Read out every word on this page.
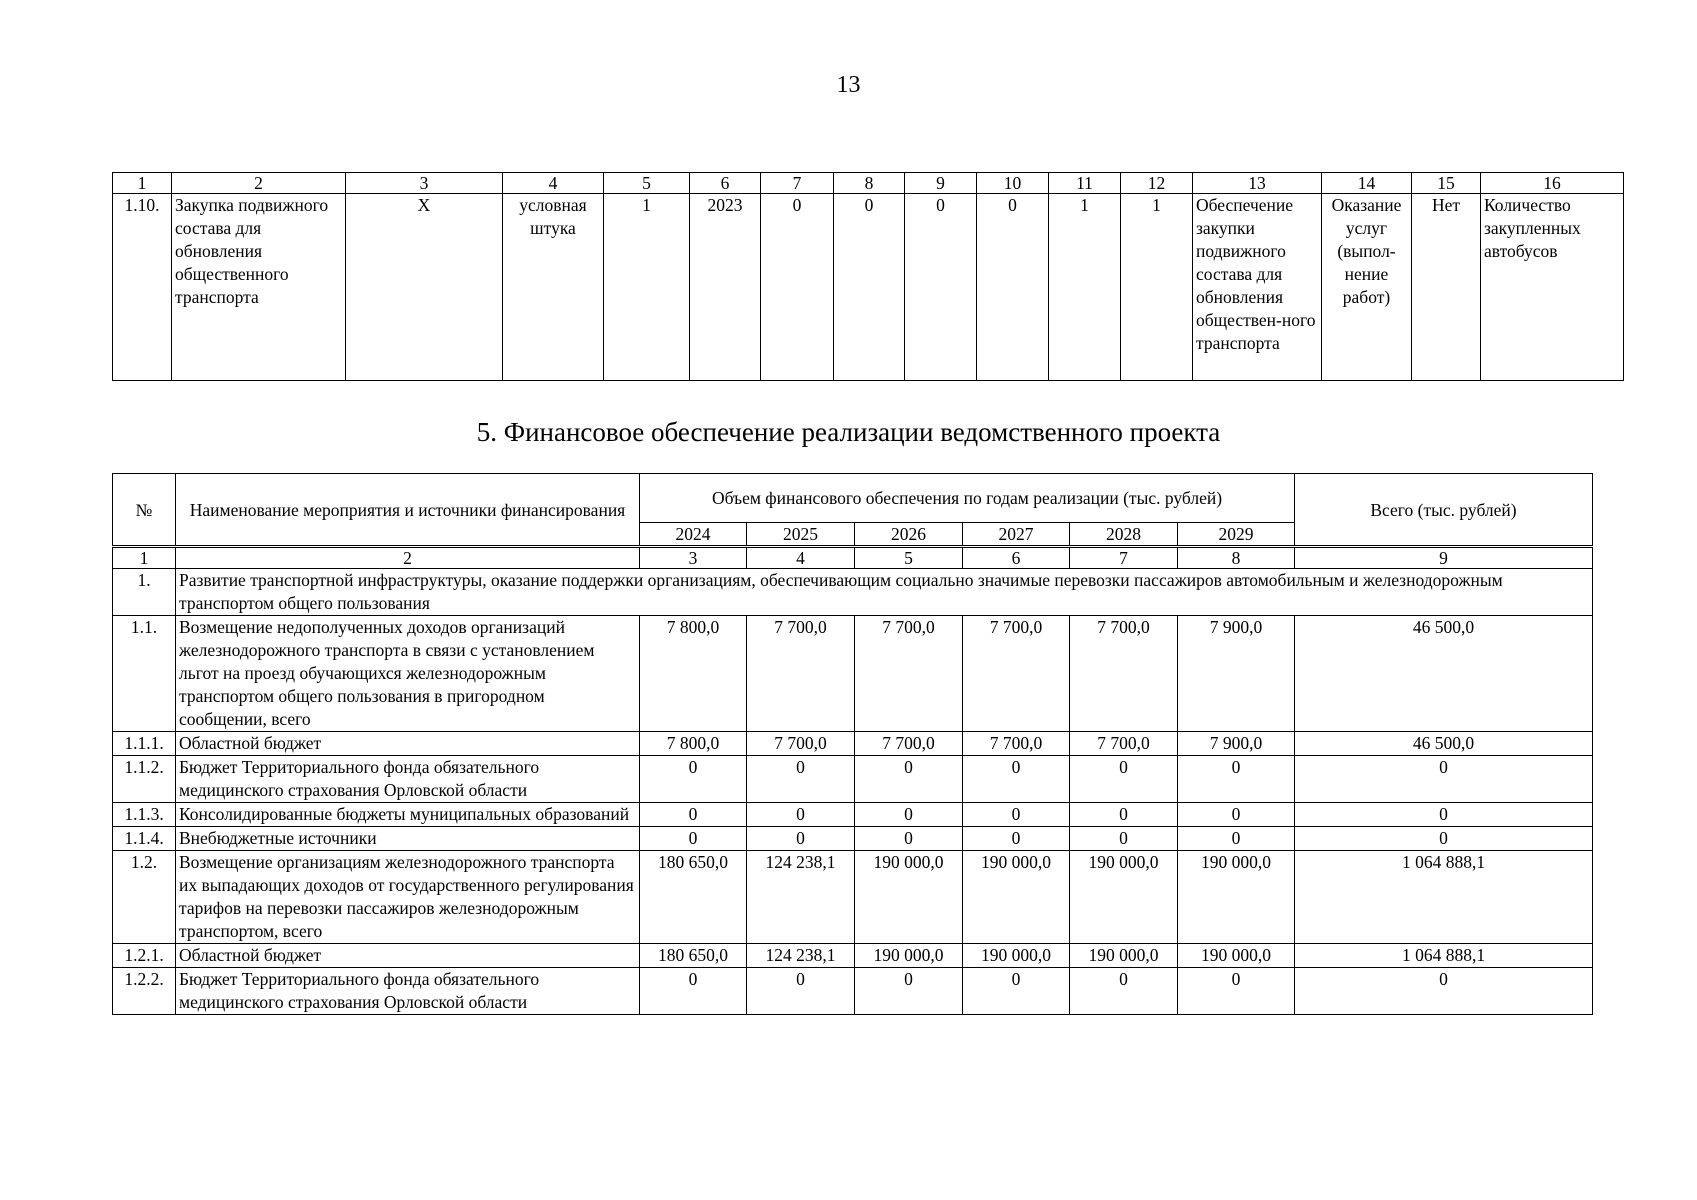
13
1	2	3	4	5	6	7	8	9	10	11	12	13	14	15	16
1.10.	Закупка подвижного состава для обновления общественного транспорта	Х	условная штука	1	2023	0	0	0	0	1	1	Обеспечение закупки подвижного состава для обновления обществен-ного транспорта	Оказание услуг (выпол-нение работ)	Нет	Количество закупленных автобусов
5. Финансовое обеспечение реализации ведомственного проекта
№	Наименование мероприятия и источники финансирования	Объем финансового обеспечения по годам реализации (тыс. рублей)						Всего (тыс. рублей)
		2024	2025	2026	2027	2028	2029	
1	2	3	4	5	6	7	8	9
1.	Развитие транспортной инфраструктуры, оказание поддержки организациям, обеспечивающим социально значимые перевозки пассажиров автомобильным и железнодорожным транспортом общего пользования							
1.1.	Возмещение недополученных доходов организаций железнодорожного транспорта в связи с установлением льгот на проезд обучающихся железнодорожным транспортом общего пользования в пригородном сообщении, всего	7 800,0	7 700,0	7 700,0	7 700,0	7 700,0	7 900,0	46 500,0
1.1.1.	Областной бюджет	7 800,0	7 700,0	7 700,0	7 700,0	7 700,0	7 900,0	46 500,0
1.1.2.	Бюджет Территориального фонда обязательного медицинского страхования Орловской области	0	0	0	0	0	0	0
1.1.3.	Консолидированные бюджеты муниципальных образований	0	0	0	0	0	0	0
1.1.4.	Внебюджетные источники	0	0	0	0	0	0	0
1.2.	Возмещение организациям железнодорожного транспорта их выпадающих доходов от государственного регулирования тарифов на перевозки пассажиров железнодорожным транспортом, всего	180 650,0	124 238,1	190 000,0	190 000,0	190 000,0	190 000,0	1 064 888,1
1.2.1.	Областной бюджет	180 650,0	124 238,1	190 000,0	190 000,0	190 000,0	190 000,0	1 064 888,1
1.2.2.	Бюджет Территориального фонда обязательного медицинского страхования Орловской области	0	0	0	0	0	0	0
